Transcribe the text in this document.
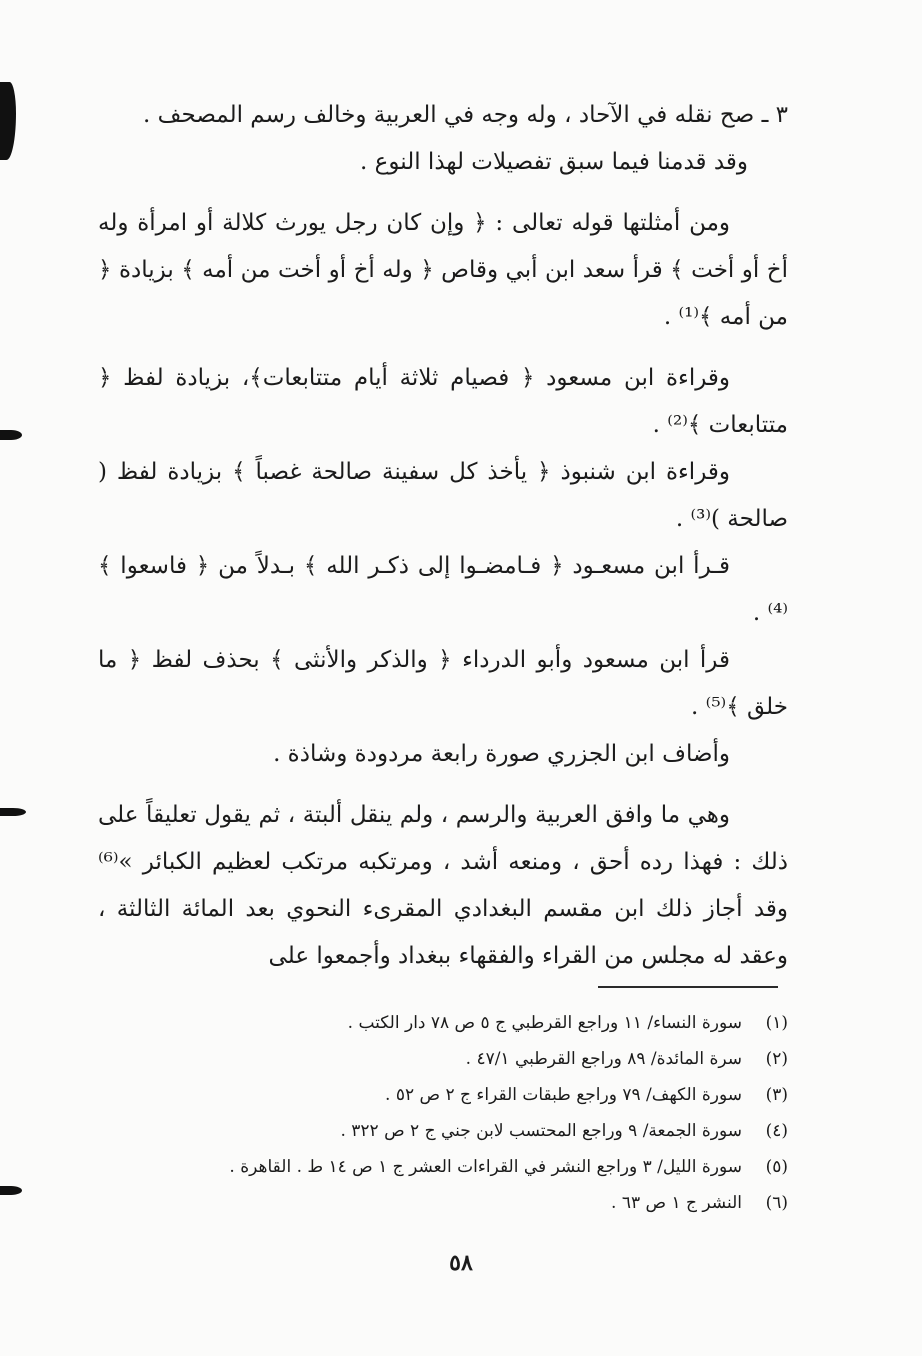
٣ ـ صح نقله في الآحاد ، وله وجه في العربية وخالف رسم المصحف .

وقد قدمنا فيما سبق تفصيلات لهذا النوع .

ومن أمثلتها قوله تعالى : ﴿ وإن كان رجل يورث كلالة أو امرأة وله أخ أو أخت ﴾ قرأ سعد ابن أبي وقاص ﴿ وله أخ أو أخت من أمه ﴾ بزيادة ﴿ من أمه ﴾⁽¹⁾ .

وقراءة ابن مسعود ﴿ فصيام ثلاثة أيام متتابعات﴾، بزيادة لفظ ﴿ متتابعات ﴾⁽²⁾ .

وقراءة ابن شنبوذ ﴿ يأخذ كل سفينة صالحة غصباً ﴾ بزيادة لفظ ( صالحة )⁽³⁾ .

قـرأ ابن مسعـود ﴿ فـامضـوا إلى ذكـر الله ﴾ بـدلاً من ﴿ فاسعوا ﴾⁽⁴⁾ .

قرأ ابن مسعود وأبو الدرداء ﴿ والذكر والأنثى ﴾ بحذف لفظ ﴿ ما خلق ﴾⁽⁵⁾ .

وأضاف ابن الجزري صورة رابعة مردودة وشاذة .

وهي ما وافق العربية والرسم ، ولم ينقل ألبتة ، ثم يقول تعليقاً على ذلك : فهذا رده أحق ، ومنعه أشد ، ومرتكبه مرتكب لعظيم الكبائر »⁽⁶⁾ وقد أجاز ذلك ابن مقسم البغدادي المقرىء النحوي بعد المائة الثالثة ، وعقد له مجلس من القراء والفقهاء ببغداد وأجمعوا على

(١)
سورة النساء/ ١١ وراجع القرطبي ج ٥ ص ٧٨ دار الكتب .
(٢)
سرة المائدة/ ٨٩ وراجع القرطبي ٤٧/١ .
(٣)
سورة الكهف/ ٧٩ وراجع طبقات القراء ج ٢ ص ٥٢ .
(٤)
سورة الجمعة/ ٩ وراجع المحتسب لابن جني ج ٢ ص ٣٢٢ .
(٥)
سورة الليل/ ٣ وراجع النشر في القراءات العشر ج ١ ص ١٤ ط . القاهرة .
(٦)
النشر ج ١ ص ٦٣ .
٥٨
